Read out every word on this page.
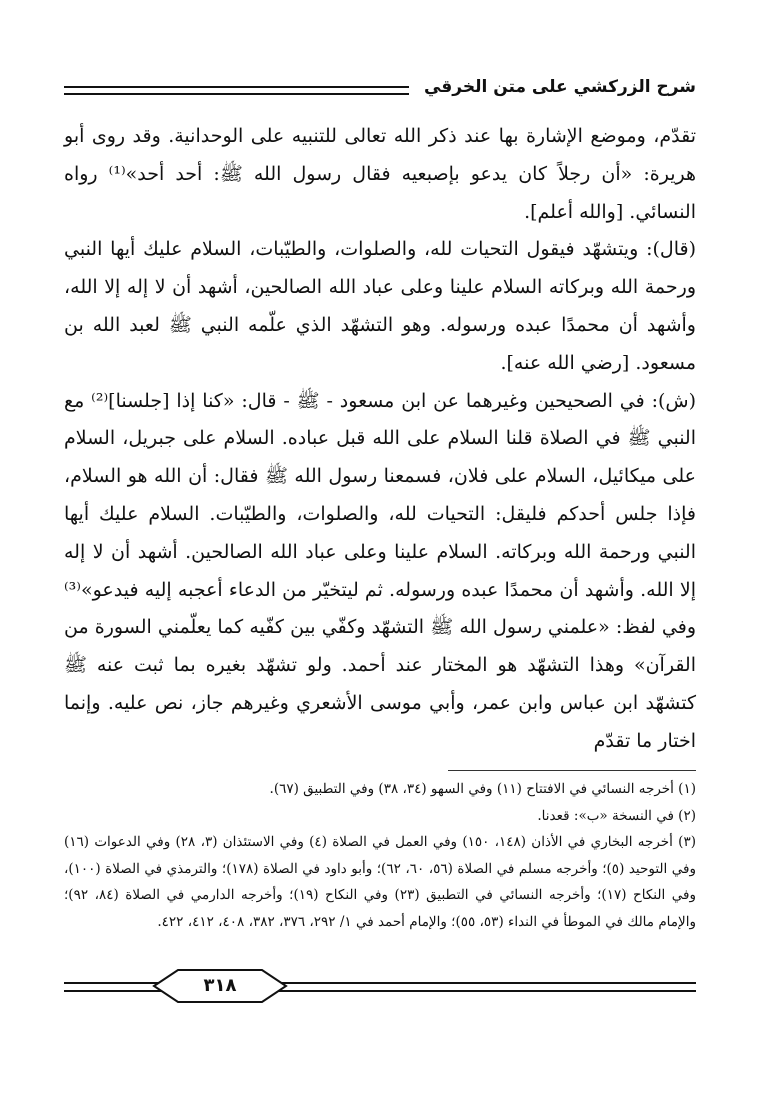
شرح الزركشي على متن الخرقي

تقدّم، وموضع الإشارة بها عند ذكر الله تعالى للتنبيه على الوحدانية. وقد روى أبو هريرة: «أن رجلاً كان يدعو بإصبعيه فقال رسول الله ﷺ: أحد أحد»⁽¹⁾ رواه النسائي. [والله أعلم].

(قال): ويتشهّد فيقول التحيات لله، والصلوات، والطيّبات، السلام عليك أيها النبي ورحمة الله وبركاته السلام علينا وعلى عباد الله الصالحين، أشهد أن لا إله إلا الله، وأشهد أن محمدًا عبده ورسوله. وهو التشهّد الذي علّمه النبي ﷺ لعبد الله بن مسعود. [رضي الله عنه].

(ش): في الصحيحين وغيرهما عن ابن مسعود - ﷺ - قال: «كنا إذا [جلسنا]⁽²⁾ مع النبي ﷺ في الصلاة قلنا السلام على الله قبل عباده. السلام على جبريل، السلام على ميكائيل، السلام على فلان، فسمعنا رسول الله ﷺ فقال: أن الله هو السلام، فإذا جلس أحدكم فليقل: التحيات لله، والصلوات، والطيّبات. السلام عليك أيها النبي ورحمة الله وبركاته. السلام علينا وعلى عباد الله الصالحين. أشهد أن لا إله إلا الله. وأشهد أن محمدًا عبده ورسوله. ثم ليتخيّر من الدعاء أعجبه إليه فيدعو»⁽³⁾ وفي لفظ: «علمني رسول الله ﷺ التشهّد وكفّي بين كفّيه كما يعلّمني السورة من القرآن» وهذا التشهّد هو المختار عند أحمد. ولو تشهّد بغيره بما ثبت عنه ﷺ كتشهّد ابن عباس وابن عمر، وأبي موسى الأشعري وغيرهم جاز، نص عليه. وإنما اختار ما تقدّم

(١) أخرجه النسائي في الافتتاح (١١) وفي السهو (٣٤، ٣٨) وفي التطبيق (٦٧).

(٢) في النسخة «ب»: قعدنا.

(٣) أخرجه البخاري في الأذان (١٤٨، ١٥٠) وفي العمل في الصلاة (٤) وفي الاستئذان (٣، ٢٨) وفي الدعوات (١٦) وفي التوحيد (٥)؛ وأخرجه مسلم في الصلاة (٥٦، ٦٠، ٦٢)؛ وأبو داود في الصلاة (١٧٨)؛ والترمذي في الصلاة (١٠٠)، وفي النكاح (١٧)؛ وأخرجه النسائي في التطبيق (٢٣) وفي النكاح (١٩)؛ وأخرجه الدارمي في الصلاة (٨٤، ٩٢)؛ والإمام مالك في الموطأ في النداء (٥٣، ٥٥)؛ والإمام أحمد في ١/ ٢٩٢، ٣٧٦، ٣٨٢، ٤٠٨، ٤١٢، ٤٢٢.

٣١٨
